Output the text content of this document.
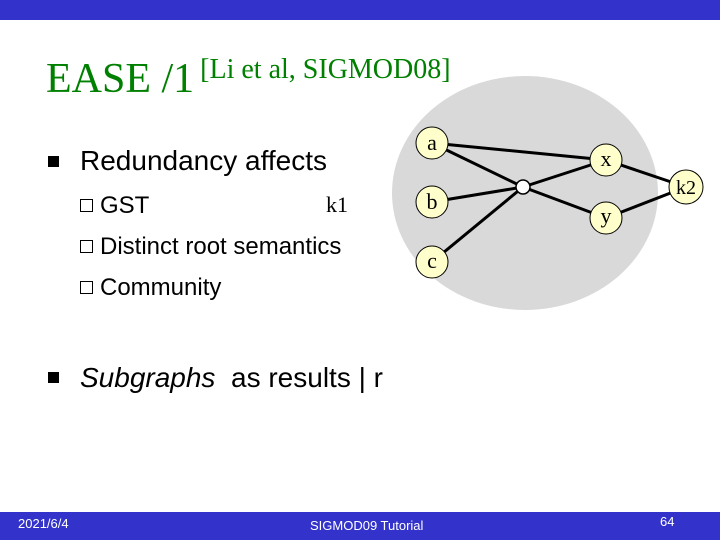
EASE /1 [Li et al, SIGMOD08]
Redundancy affects
GST
Distinct root semantics
Community
k1
Subgraphs as results | r
a
b
c
x
y
k2
2021/6/4	SIGMOD09 Tutorial	64
